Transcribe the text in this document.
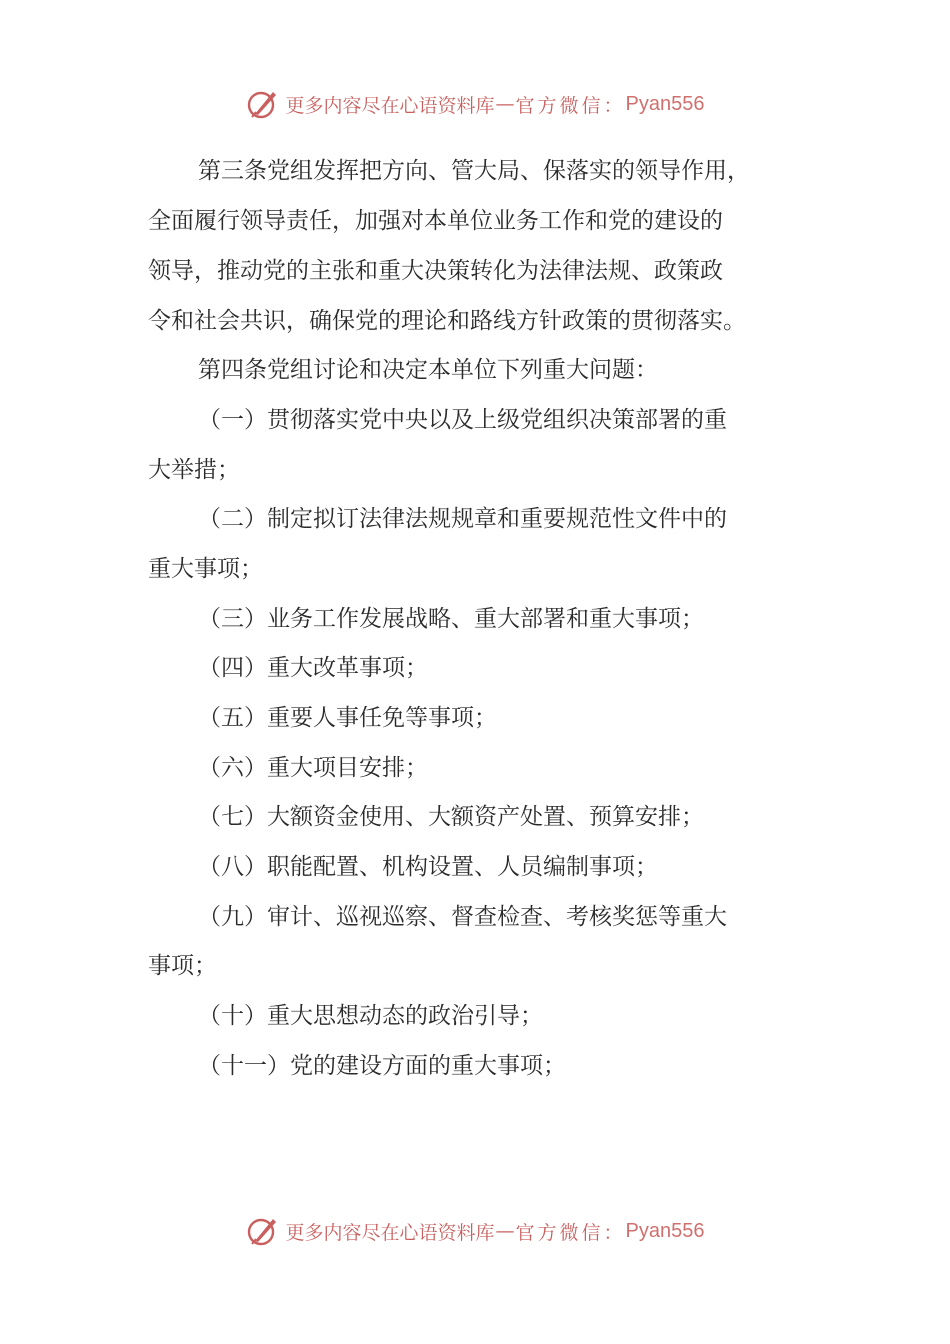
更多内容尽在心语资料库 — 官方微信： Pyan556
第三条党组发挥把方向、管大局、保落实的领导作用，
全面履行领导责任，加强对本单位业务工作和党的建设的
领导，推动党的主张和重大决策转化为法律法规、政策政
令和社会共识，确保党的理论和路线方针政策的贯彻落实。
第四条党组讨论和决定本单位下列重大问题：
（一）贯彻落实党中央以及上级党组织决策部署的重
大举措；
（二）制定拟订法律法规规章和重要规范性文件中的
重大事项；
（三）业务工作发展战略、重大部署和重大事项；
（四）重大改革事项；
（五）重要人事任免等事项；
（六）重大项目安排；
（七）大额资金使用、大额资产处置、预算安排；
（八）职能配置、机构设置、人员编制事项；
（九）审计、巡视巡察、督查检查、考核奖惩等重大
事项；
（十）重大思想动态的政治引导；
（十一）党的建设方面的重大事项；
更多内容尽在心语资料库 — 官方微信： Pyan556
